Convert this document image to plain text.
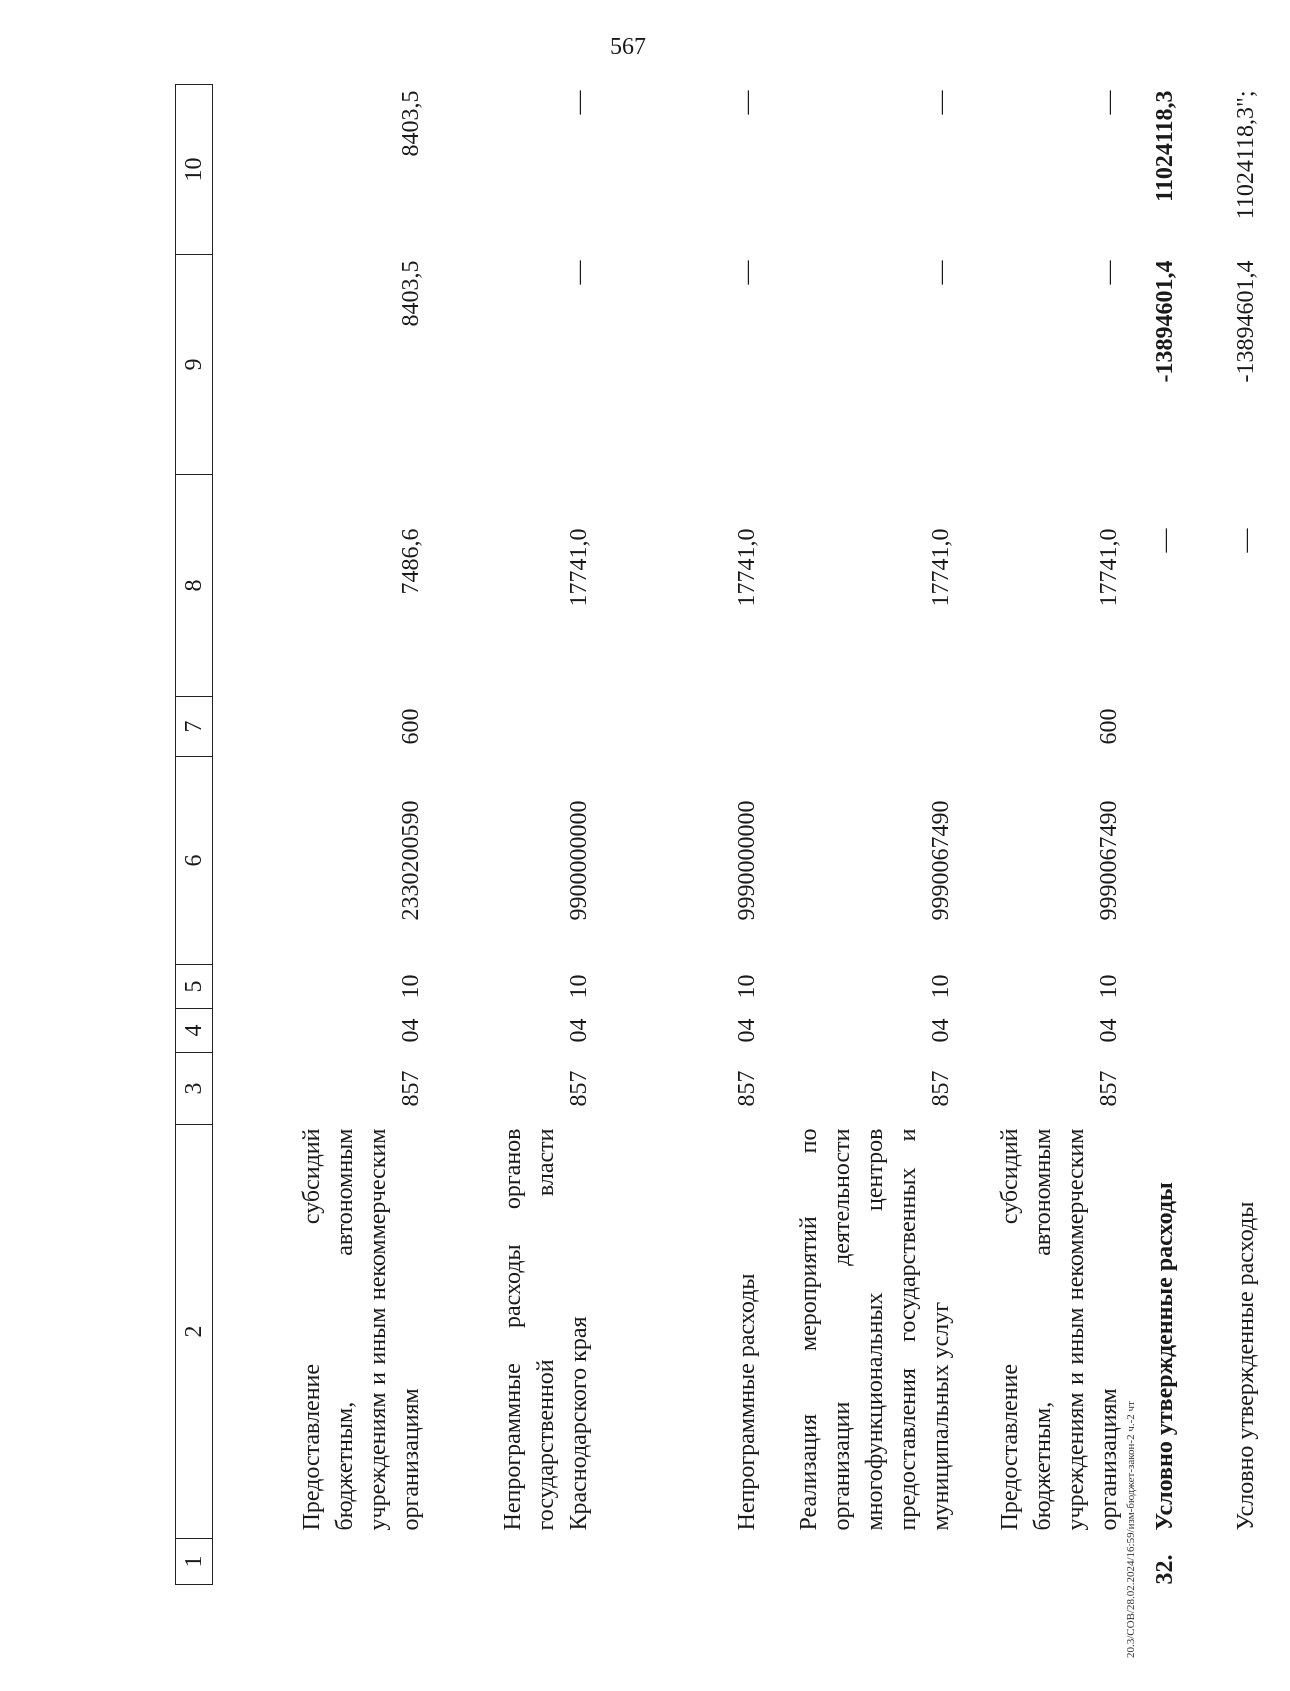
567
20.3/СОВ/28.02.2024/16:59/изм-бюджет-закон-2 ч.-2 чт
1	2	3	4	5	6	7	8	9	10
	Предоставление субсидий бюджетным, автономным учреждениям и иным некоммерческим организациям	857	04	10	2330200590	600	7486,6	8403,5	8403,5
	Непрограммные расходы органов государственной власти Краснодарского края	857	04	10	9900000000		17741,0	—	—
	Непрограммные расходы	857	04	10	9990000000		17741,0	—	—
	Реализация мероприятий по организации деятельности многофункциональных центров предоставления государственных и муниципальных услуг	857	04	10	9990067490		17741,0	—	—
	Предоставление субсидий бюджетным, автономным учреждениям и иным некоммерческим организациям	857	04	10	9990067490	600	17741,0	—	—
32.	Условно утвержденные расходы						—	-13894601,4	11024118,3
	Условно утвержденные расходы						—	-13894601,4	11024118,3";
